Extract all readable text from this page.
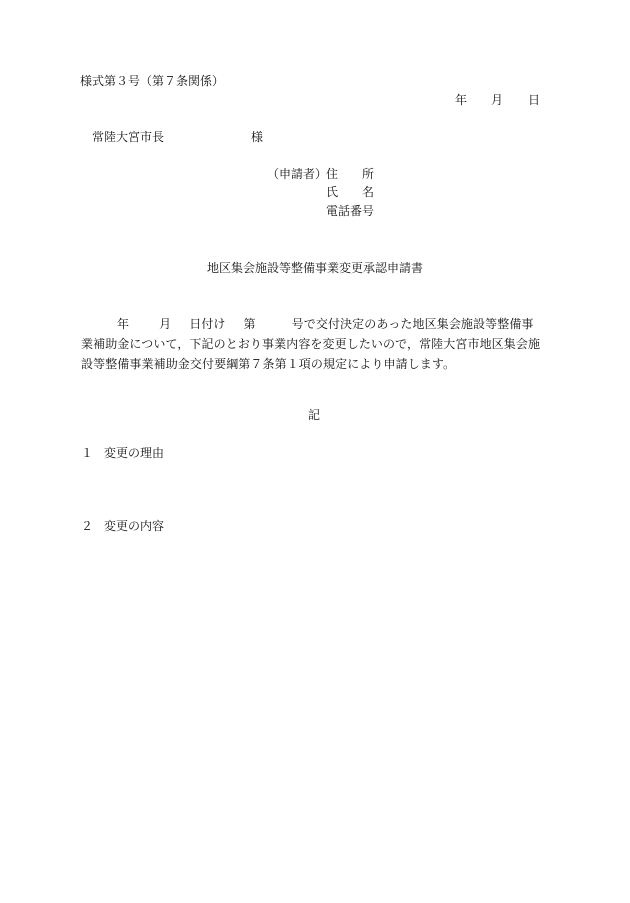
様式第３号（第７条関係）
年 月 日
常陸大宮市長	様
（申請者）
住　　所
氏　　名
電話番号
地区集会施設等整備事業変更承認申請書
年	月 日付け 第	号で交付決定のあった地区集会施設等整備事
業補助金について，下記のとおり事業内容を変更したいので，常陸大宮市地区集会施
設等整備事業補助金交付要綱第７条第１項の規定により申請します。
記
１ 変更の理由
２ 変更の内容
